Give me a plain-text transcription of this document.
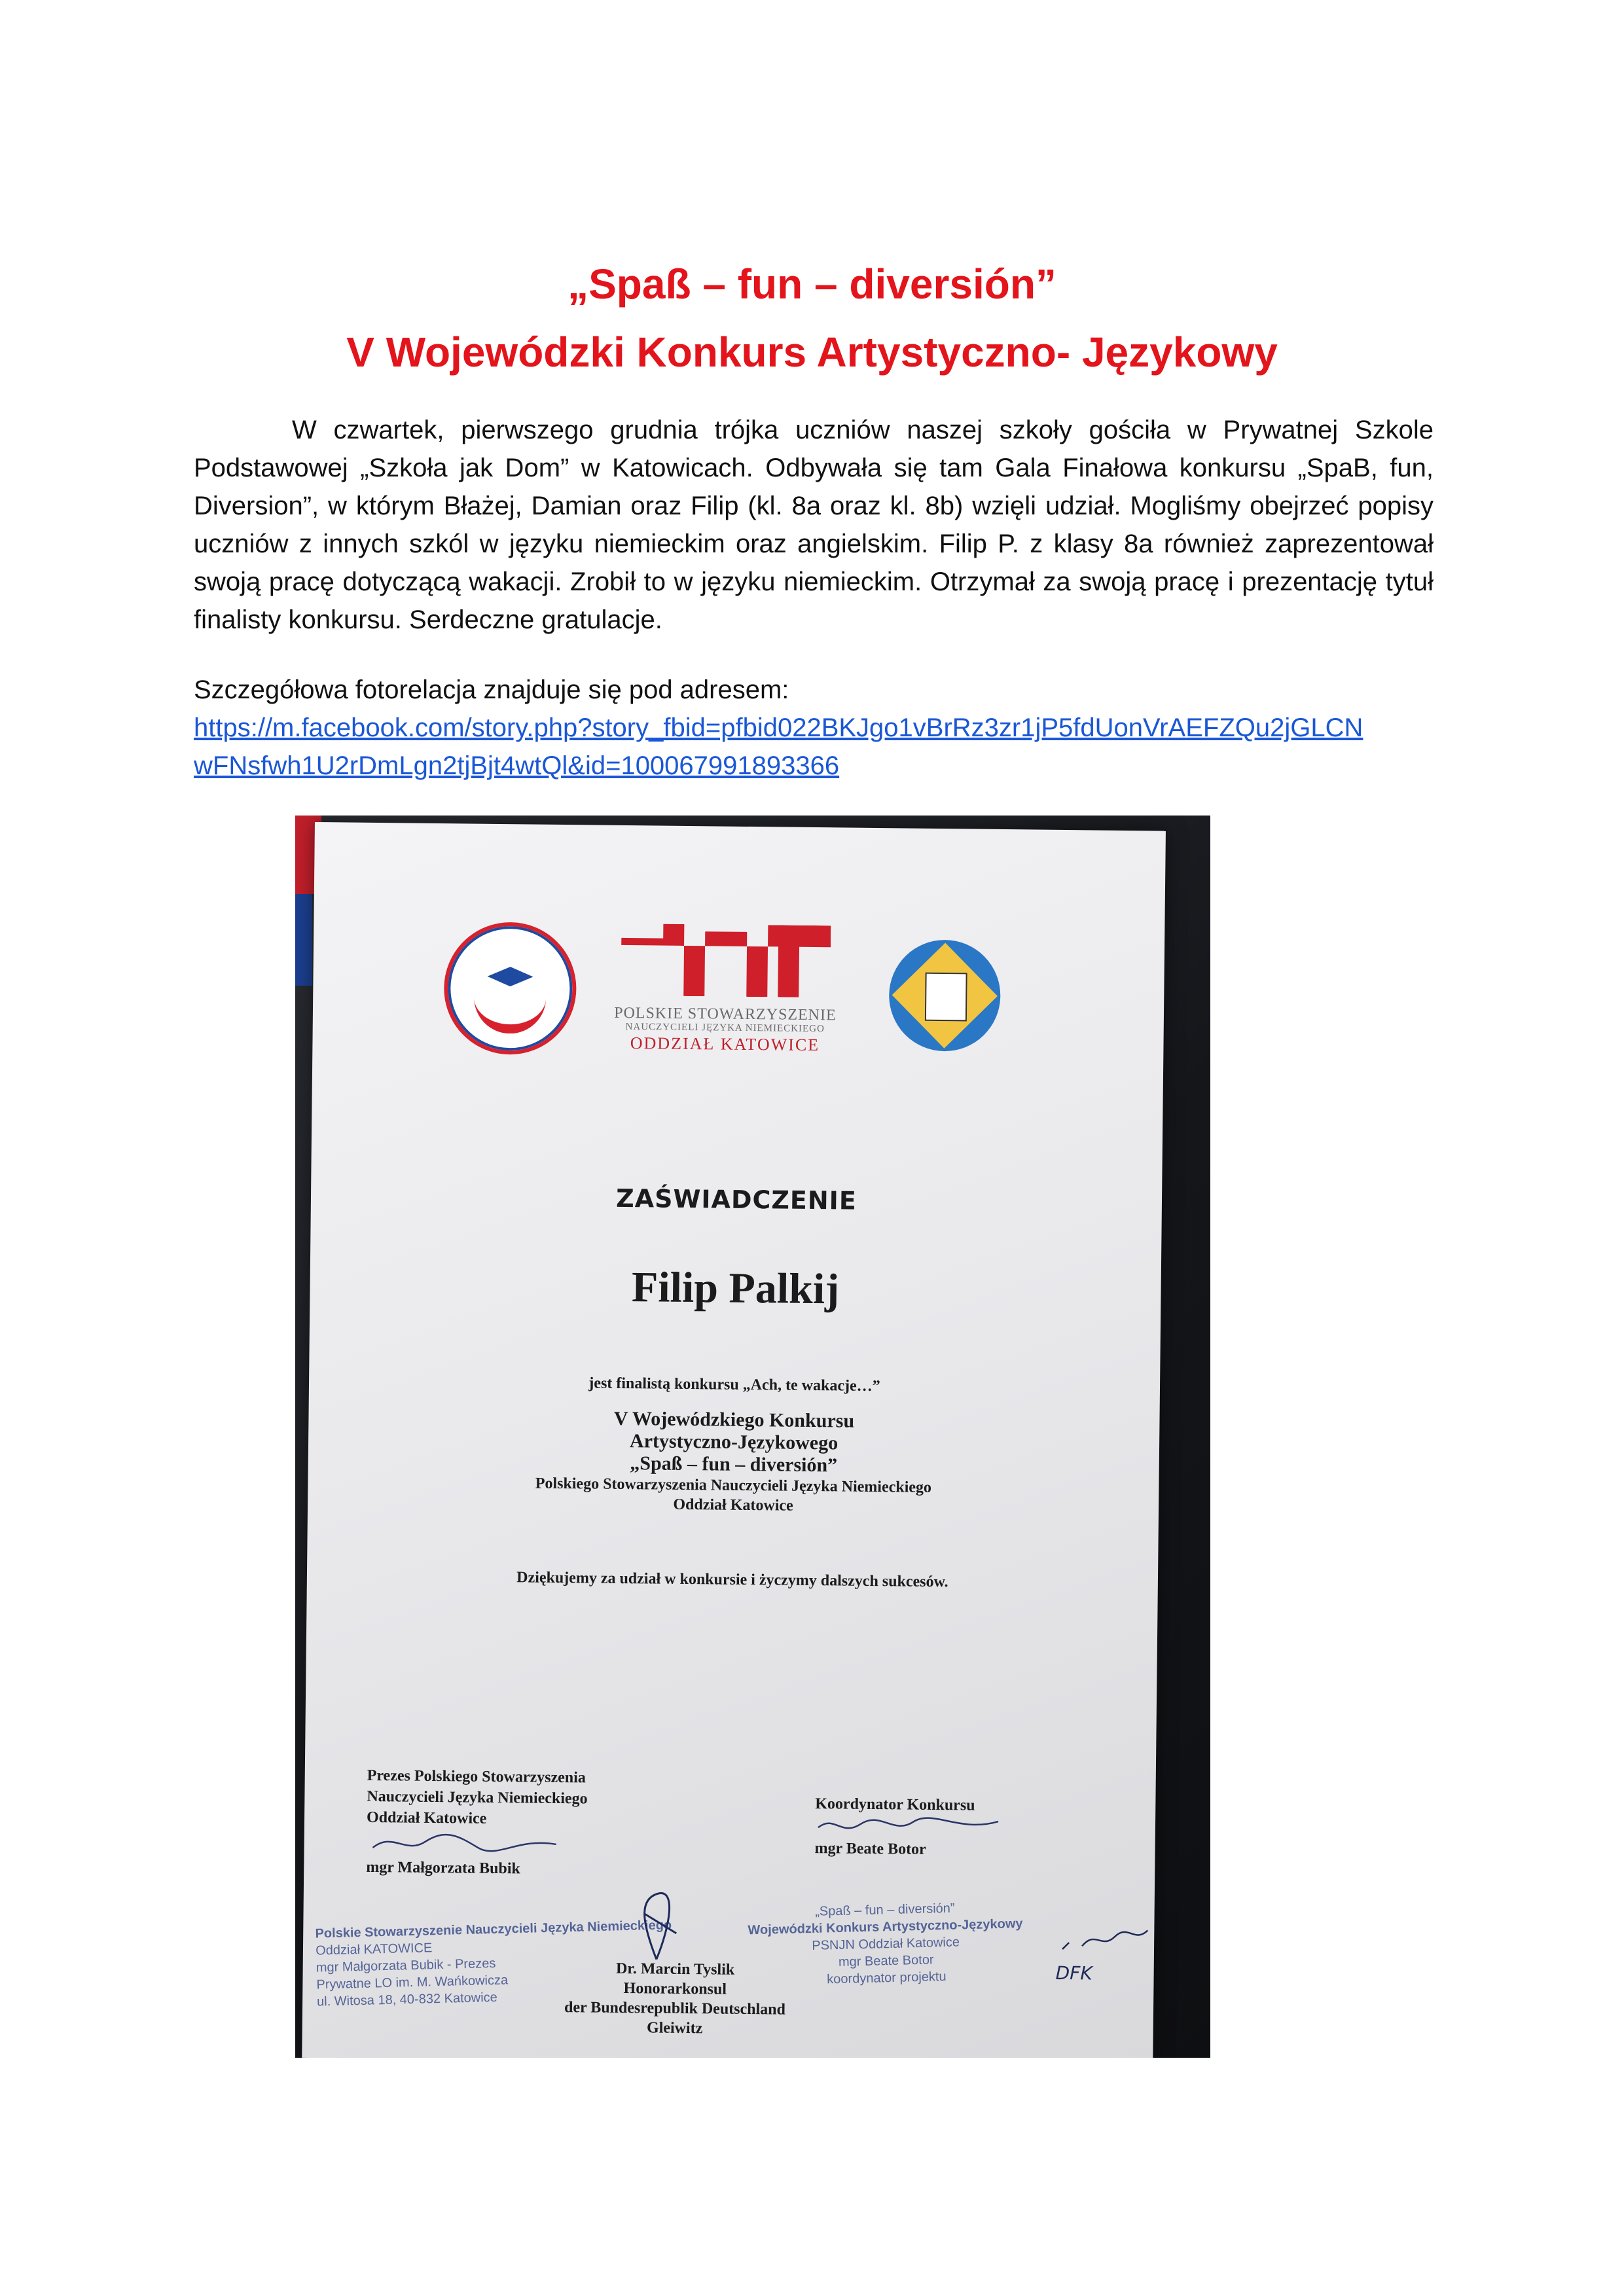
„Spaß – fun – diversión”
V Wojewódzki Konkurs Artystyczno- Językowy
W czwartek, pierwszego grudnia trójka uczniów naszej szkoły gościła w Prywatnej Szkole Podstawowej „Szkoła jak Dom” w Katowicach. Odbywała się tam Gala Finałowa konkursu „SpaB, fun, Diversion”, w którym Błażej, Damian oraz Filip (kl. 8a oraz kl. 8b) wzięli udział. Mogliśmy obejrzeć popisy uczniów z innych szkól w języku niemieckim oraz angielskim. Filip P. z klasy 8a również zaprezentował swoją pracę dotyczącą wakacji. Zrobił to w języku niemieckim. Otrzymał za swoją pracę i prezentację tytuł finalisty konkursu. Serdeczne gratulacje.
Szczegółowa fotorelacja znajduje się pod adresem:
https://m.facebook.com/story.php?story_fbid=pfbid022BKJgo1vBrRz3zr1jP5fdUonVrAEFZQu2jGLCN
wFNsfwh1U2rDmLgn2tjBjt4wtQl&id=100067991893366
POLSKIE STOWARZYSZENIE
NAUCZYCIELI JĘZYKA NIEMIECKIEGO
ODDZIAŁ KATOWICE
ZAŚWIADCZENIE
Filip Palkij
jest finalistą konkursu „Ach, te wakacje…”
V Wojewódzkiego Konkursu
Artystyczno-Językowego
„Spaß – fun – diversión”
Polskiego Stowarzyszenia Nauczycieli Języka Niemieckiego
Oddział Katowice
Dziękujemy za udział w konkursie i życzymy dalszych sukcesów.
Prezes Polskiego Stowarzyszenia
Nauczycieli Języka Niemieckiego
Oddział Katowice
mgr Małgorzata Bubik
Koordynator Konkursu
mgr Beate Botor
Polskie Stowarzyszenie Nauczycieli Języka Niemieckiego
Oddział KATOWICE
mgr Małgorzata Bubik - Prezes
Prywatne LO im. M. Wańkowicza
ul. Witosa 18, 40-832 Katowice
„Spaß – fun – diversión”
Wojewódzki Konkurs Artystyczno-Językowy
PSNJN Oddział Katowice
mgr Beate Botor
koordynator projektu
Dr. Marcin Tyslik
Honorarkonsul
der Bundesrepublik Deutschland
Gleiwitz
DFK
